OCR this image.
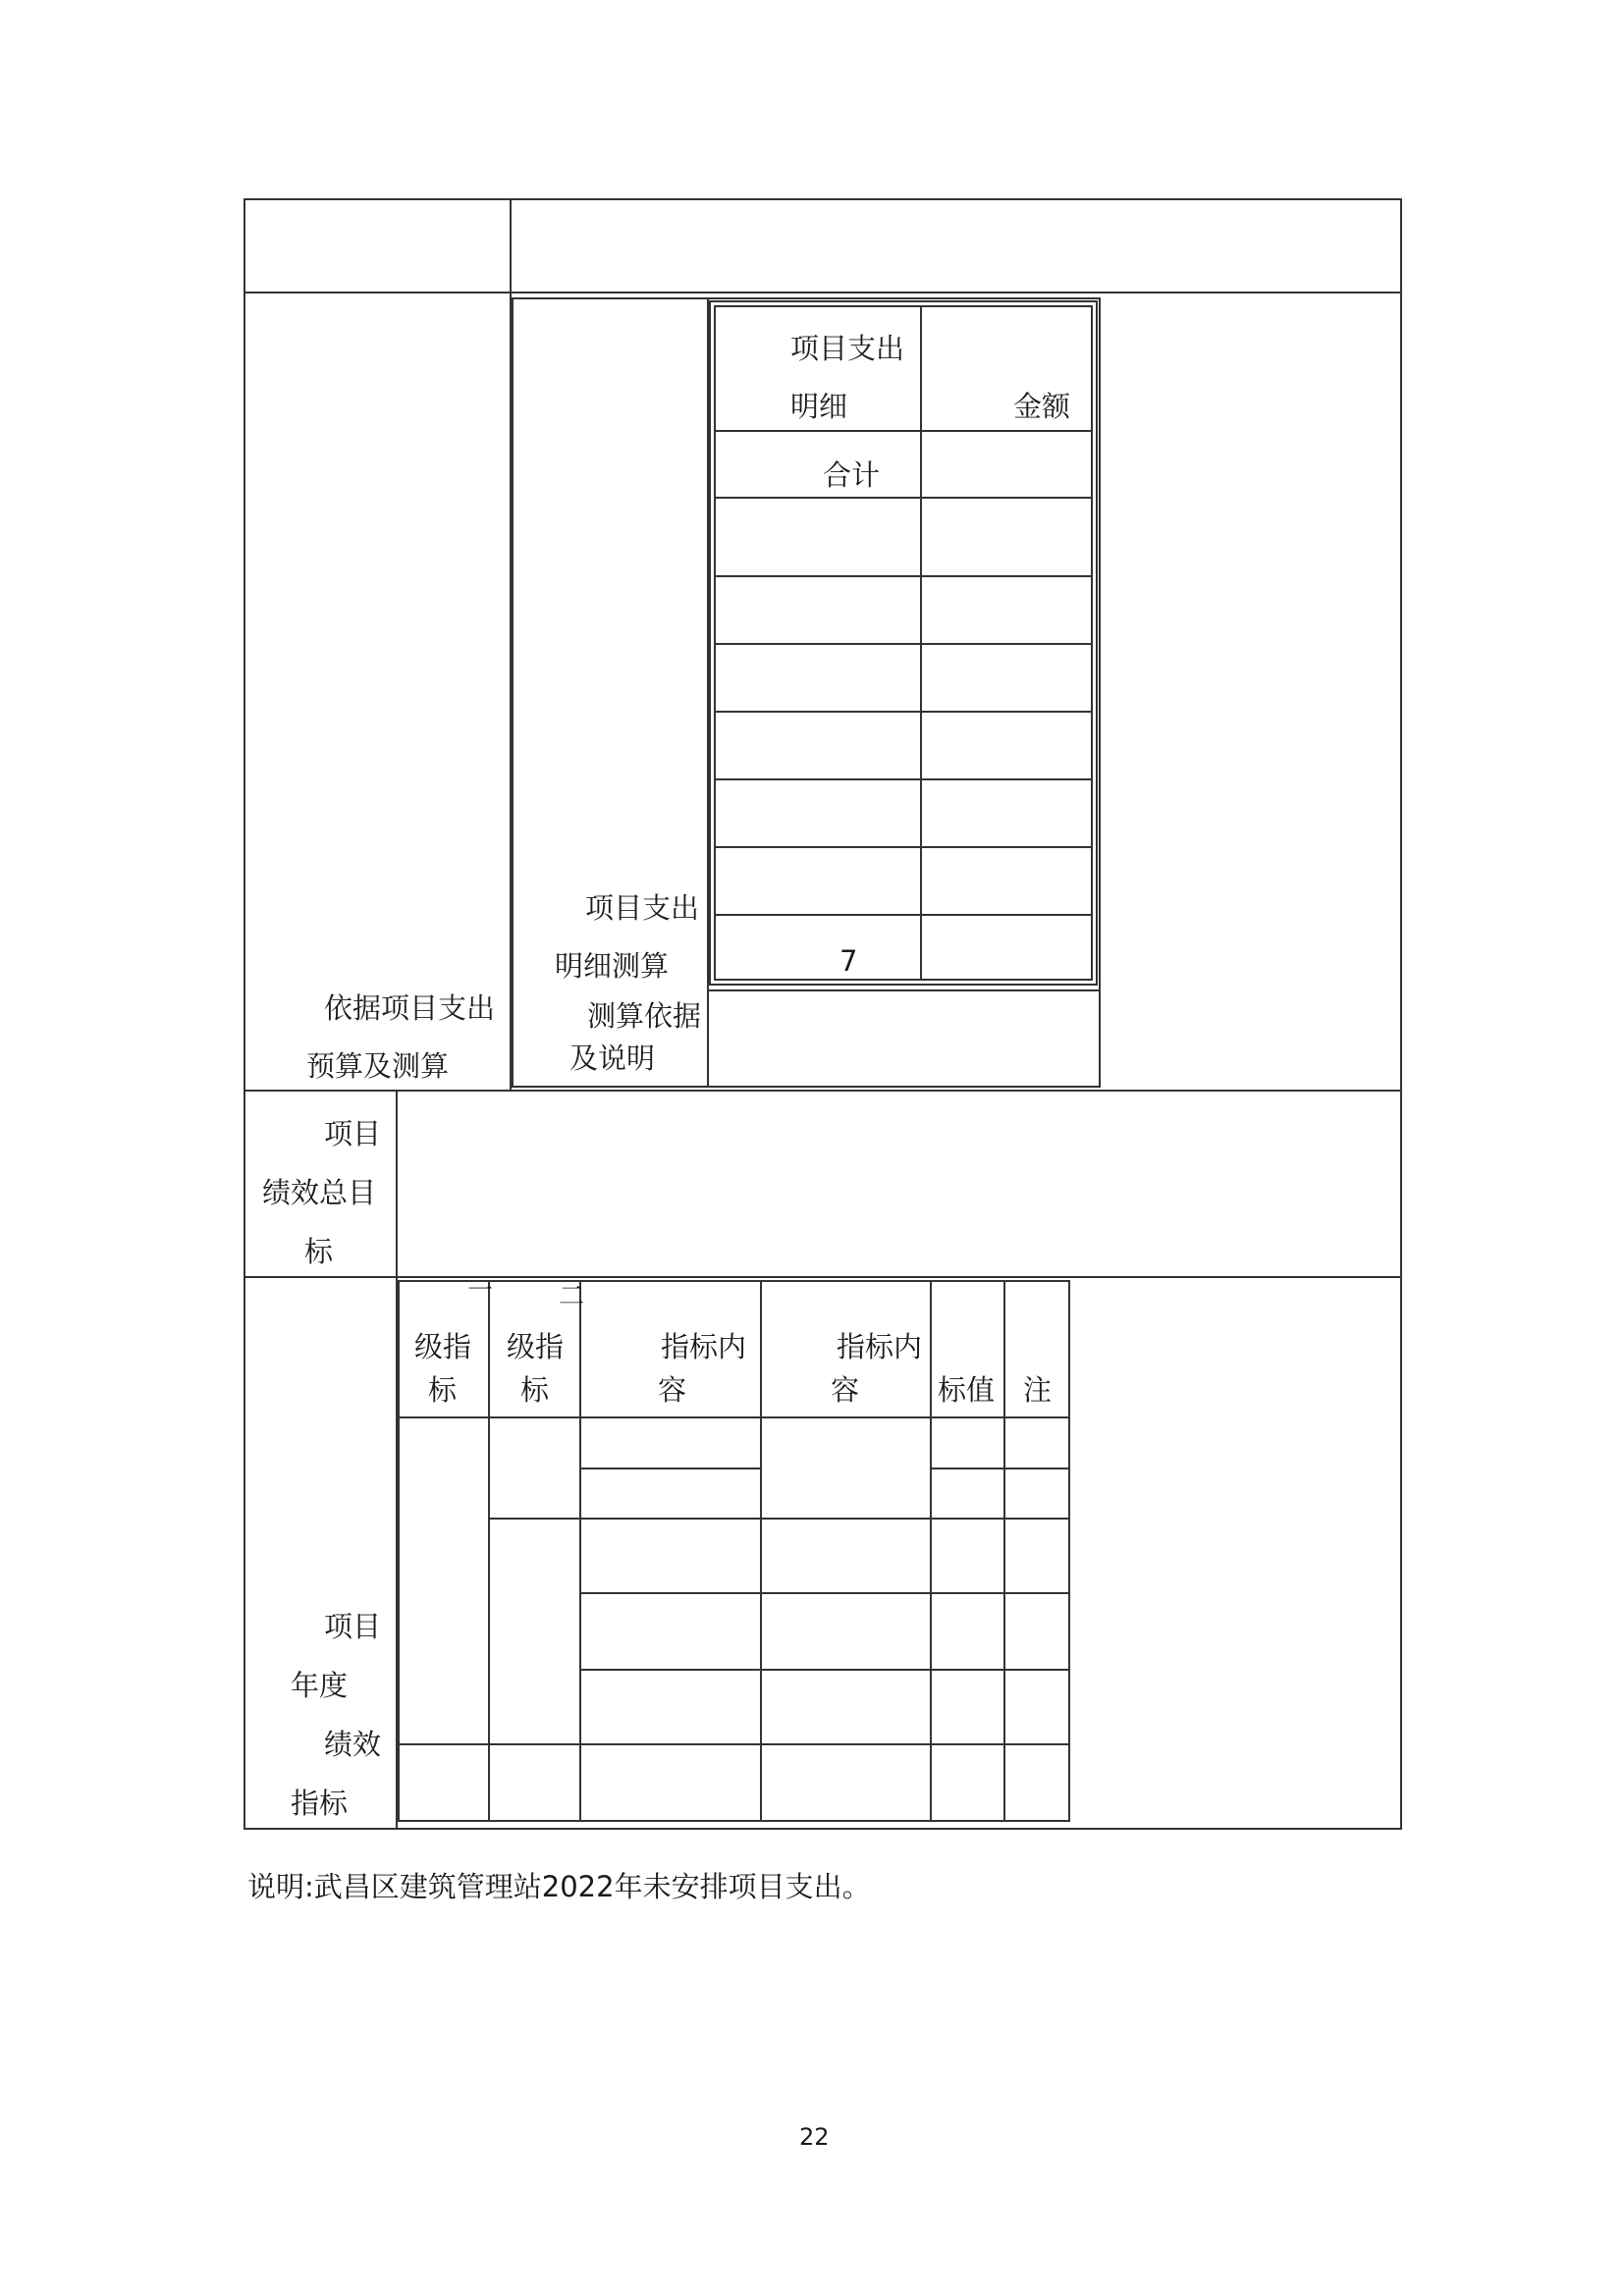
依据项目支出
预算及测算
项目支出
明细测算
测算依据
及说明
项目支出
明细	金额
合计
7
项目
绩效总目
标
项目
年度
绩效
指标
一
级指
标
二
级指
标
指标内
容
指标内
容	标值 注
说明:武昌区建筑管理站2022年未安排项目支出。
22
